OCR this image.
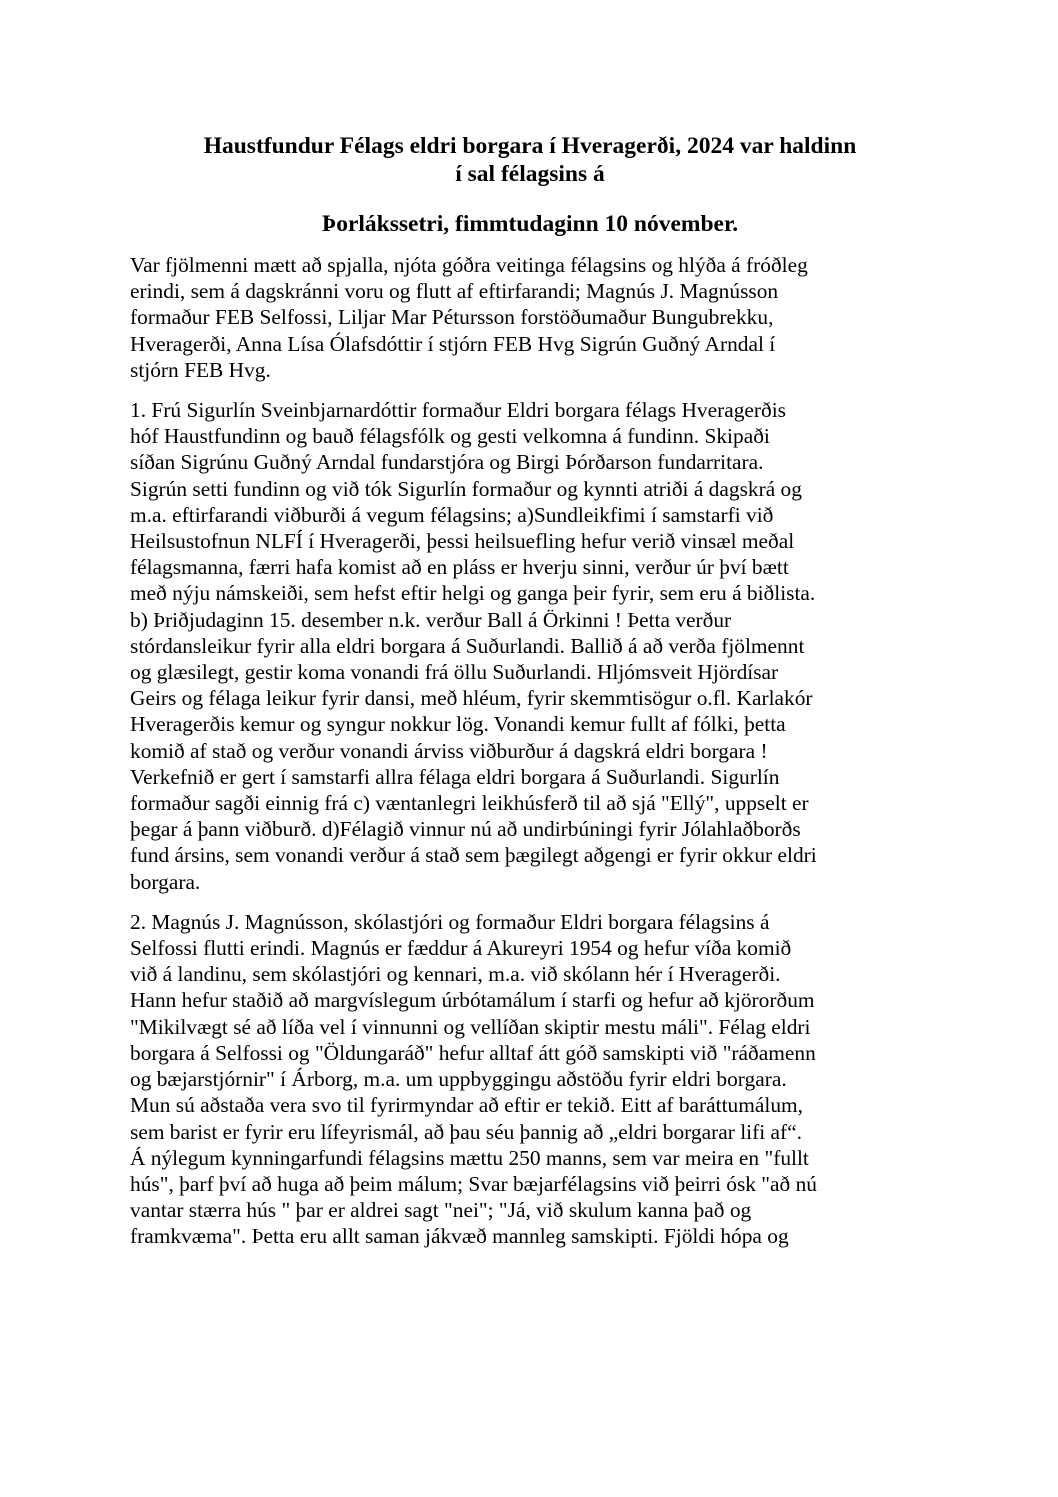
Haustfundur Félags eldri borgara í Hveragerði, 2024 var haldinn
í sal félagsins á
Þorlákssetri, fimmtudaginn 10 nóvember.

Var fjölmenni mætt að spjalla, njóta góðra veitinga félagsins og hlýða á fróðleg
erindi, sem á dagskránni voru og flutt af eftirfarandi; Magnús J. Magnússon
formaður FEB Selfossi, Liljar Mar Pétursson forstöðumaður Bungubrekku,
Hveragerði, Anna Lísa Ólafsdóttir í stjórn FEB Hvg Sigrún Guðný Arndal í
stjórn FEB Hvg.

1. Frú Sigurlín Sveinbjarnardóttir formaður Eldri borgara félags Hveragerðis
hóf Haustfundinn og bauð félagsfólk og gesti velkomna á fundinn. Skipaði
síðan Sigrúnu Guðný Arndal fundarstjóra og Birgi Þórðarson fundarritara.
Sigrún setti fundinn og við tók Sigurlín formaður og kynnti atriði á dagskrá og
m.a. eftirfarandi viðburði á vegum félagsins; a)Sundleikfimi í samstarfi við
Heilsustofnun NLFÍ í Hveragerði, þessi heilsuefling hefur verið vinsæl meðal
félagsmanna, færri hafa komist að en pláss er hverju sinni, verður úr því bætt
með nýju námskeiði, sem hefst eftir helgi og ganga þeir fyrir, sem eru á biðlista.
b) Þriðjudaginn 15. desember n.k. verður Ball á Örkinni ! Þetta verður
stórdansleikur fyrir alla eldri borgara á Suðurlandi. Ballið á að verða fjölmennt
og glæsilegt, gestir koma vonandi frá öllu Suðurlandi. Hljómsveit Hjördísar
Geirs og félaga leikur fyrir dansi, með hléum, fyrir skemmtisögur o.fl. Karlakór
Hveragerðis kemur og syngur nokkur lög. Vonandi kemur fullt af fólki, þetta
komið af stað og verður vonandi árviss viðburður á dagskrá eldri borgara !
Verkefnið er gert í samstarfi allra félaga eldri borgara á Suðurlandi. Sigurlín
formaður sagði einnig frá c) væntanlegri leikhúsferð til að sjá "Ellý", uppselt er
þegar á þann viðburð. d)Félagið vinnur nú að undirbúningi fyrir Jólahlaðborðs
fund ársins, sem vonandi verður á stað sem þægilegt aðgengi er fyrir okkur eldri
borgara.

2. Magnús J. Magnússon, skólastjóri og formaður Eldri borgara félagsins á
Selfossi flutti erindi. Magnús er fæddur á Akureyri 1954 og hefur víða komið
við á landinu, sem skólastjóri og kennari, m.a. við skólann hér í Hveragerði.
Hann hefur staðið að margvíslegum úrbótamálum í starfi og hefur að kjörorðum
"Mikilvægt sé að líða vel í vinnunni og vellíðan skiptir mestu máli". Félag eldri
borgara á Selfossi og "Öldungaráð" hefur alltaf átt góð samskipti við "ráðamenn
og bæjarstjórnir" í Árborg, m.a. um uppbyggingu aðstöðu fyrir eldri borgara.
Mun sú aðstaða vera svo til fyrirmyndar að eftir er tekið. Eitt af baráttumálum,
sem barist er fyrir eru lífeyrismál, að þau séu þannig að „eldri borgarar lifi af“.
Á nýlegum kynningarfundi félagsins mættu 250 manns, sem var meira en "fullt
hús", þarf því að huga að þeim málum; Svar bæjarfélagsins við þeirri ósk "að nú
vantar stærra hús " þar er aldrei sagt "nei"; "Já, við skulum kanna það og
framkvæma". Þetta eru allt saman jákvæð mannleg samskipti. Fjöldi hópa og
